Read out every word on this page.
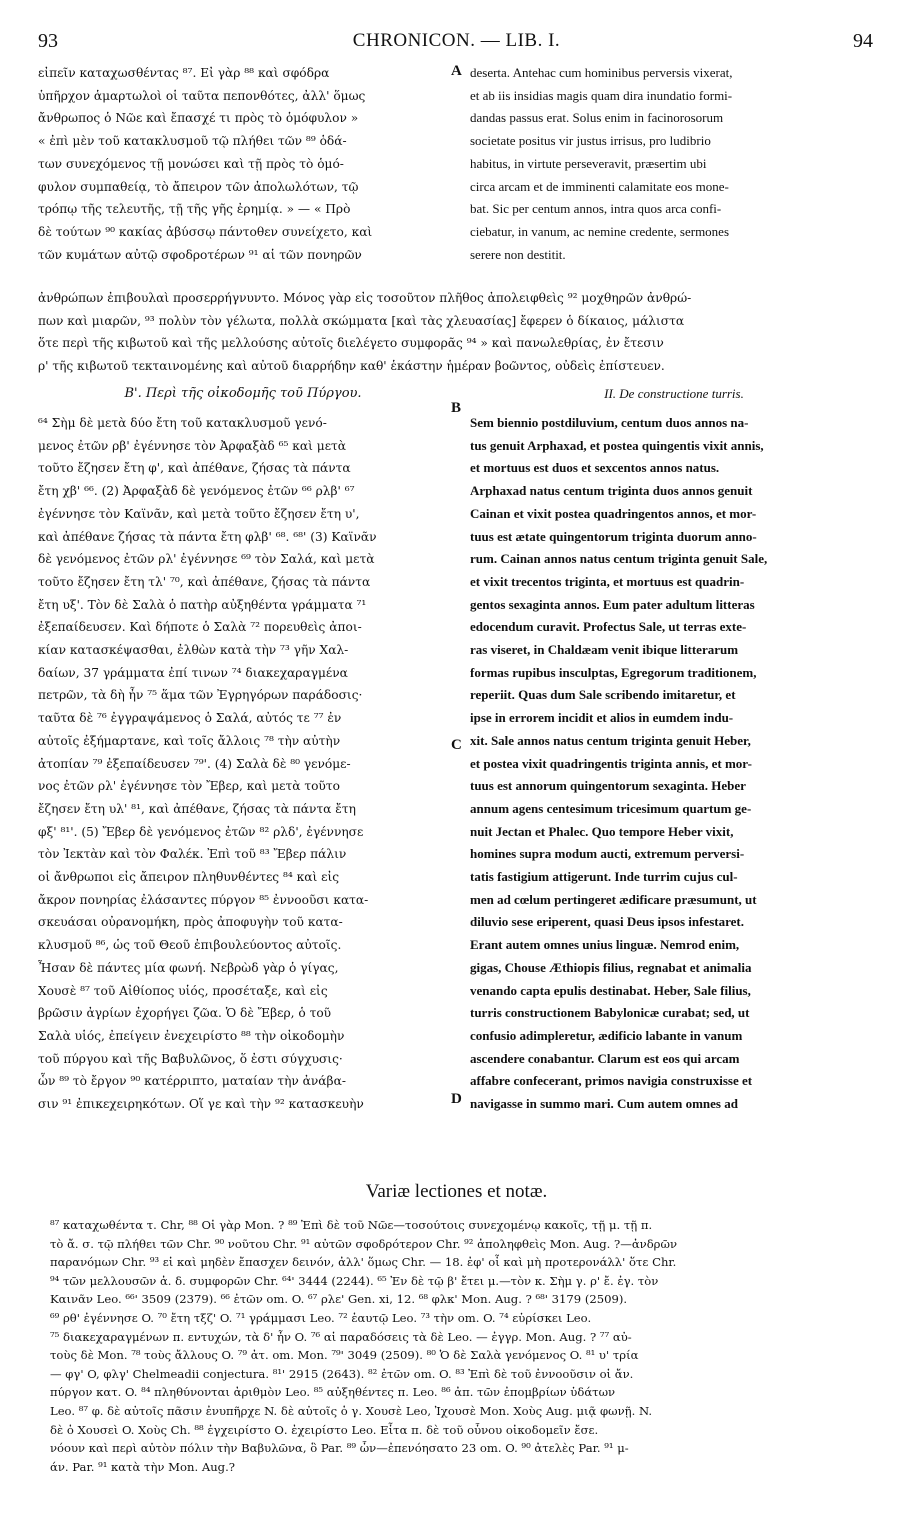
93	CHRONICON. — LIB. I.	94
A
B
C
D
εἰπεῖν καταχωσθέντας ⁸⁷. Εἰ γὰρ ⁸⁸ καὶ σφόδρα
ὑπῆρχον ἁμαρτωλοὶ οἱ ταῦτα πεπονθότες, ἀλλ' ὅμως
ἄνθρωπος ὁ Νῶε καὶ ἔπασχέ τι πρὸς τὸ ὁμόφυλον »
« ἐπὶ μὲν τοῦ κατακλυσμοῦ τῷ πλήθει τῶν ⁸⁹ ὁδά-
των συνεχόμενος τῇ μονώσει καὶ τῇ πρὸς τὸ ὁμό-
φυλον συμπαθείᾳ, τὸ ἄπειρον τῶν ἀπολωλότων, τῷ
τρόπῳ τῆς τελευτῆς, τῇ τῆς γῆς ἐρημίᾳ. » — « Πρὸ
δὲ τούτων ⁹⁰ κακίας ἀβύσσῳ πάντοθεν συνείχετο, καὶ
τῶν κυμάτων αὐτῷ σφοδροτέρων ⁹¹ αἱ τῶν πονηρῶν
deserta. Antehac cum hominibus perversis vixerat,
et ab iis insidias magis quam dira inundatio formi-
dandas passus erat. Solus enim in facinorosorum
societate positus vir justus irrisus, pro ludibrio
habitus, in virtute perseveravit, præsertim ubi
circa arcam et de imminenti calamitate eos mone-
bat. Sic per centum annos, intra quos arca confi-
ciebatur, in vanum, ac nemine credente, sermones
serere non destitit.
ἀνθρώπων ἐπιβουλαὶ προσερρήγνυντο. Μόνος γὰρ εἰς τοσοῦτον πλῆθος ἀπολειφθεὶς ⁹² μοχθηρῶν ἀνθρώ-
πων καὶ μιαρῶν, ⁹³ πολὺν τὸν γέλωτα, πολλὰ σκώμματα [καὶ τὰς χλευασίας] ἔφερεν ὁ δίκαιος, μάλιστα
ὅτε περὶ τῆς κιβωτοῦ καὶ τῆς μελλούσης αὐτοῖς διελέγετο συμφορᾶς ⁹⁴ » καὶ πανωλεθρίας, ἐν ἔτεσιν
ρ' τῆς κιβωτοῦ τεκταινομένης καὶ αὐτοῦ διαρρήδην καθ' ἑκάστην ἡμέραν βοῶντος, οὐδεὶς ἐπίστευεν.
Β'. Περὶ τῆς οἰκοδομῆς τοῦ Πύργου.	II. De constructione turris.
⁶⁴ Σὴμ δὲ μετὰ δύο ἔτη τοῦ κατακλυσμοῦ γενό-
μενος ἐτῶν ρβ' ἐγέννησε τὸν Ἀρφαξὰδ ⁶⁵ καὶ μετὰ
τοῦτο ἔζησεν ἔτη φ', καὶ ἀπέθανε, ζήσας τὰ πάντα
ἔτη χβ' ⁶⁶. (2) Ἀρφαξὰδ δὲ γενόμενος ἐτῶν ⁶⁶ ρλβ' ⁶⁷
ἐγέννησε τὸν Καϊνᾶν, καὶ μετὰ τοῦτο ἔζησεν ἔτη υ',
καὶ ἀπέθανε ζήσας τὰ πάντα ἔτη φλβ' ⁶⁸. ⁶⁸' (3) Καϊνᾶν
δὲ γενόμενος ἐτῶν ρλ' ἐγέννησε ⁶⁹ τὸν Σαλά, καὶ μετὰ
τοῦτο ἔζησεν ἔτη τλ' ⁷⁰, καὶ ἀπέθανε, ζήσας τὰ πάντα
ἔτη υξ'. Τὸν δὲ Σαλὰ ὁ πατὴρ αὐξηθέντα γράμματα ⁷¹
ἐξεπαίδευσεν. Καὶ δήποτε ὁ Σαλὰ ⁷² πορευθεὶς ἀποι-
κίαν κατασκέψασθαι, ἐλθὼν κατὰ τὴν ⁷³ γῆν Χαλ-
δαίων, 37 γράμματα ἐπί τινων ⁷⁴ διακεχαραγμένα
πετρῶν, τὰ δὴ ἦν ⁷⁵ ἅμα τῶν Ἐγρηγόρων παράδοσις·
ταῦτα δὲ ⁷⁶ ἐγγραψάμενος ὁ Σαλά, αὐτός τε ⁷⁷ ἐν
αὐτοῖς ἐξήμαρτανε, καὶ τοῖς ἄλλοις ⁷⁸ τὴν αὐτὴν
ἀτοπίαν ⁷⁹ ἐξεπαίδευσεν ⁷⁹'. (4) Σαλὰ δὲ ⁸⁰ γενόμε-
νος ἐτῶν ρλ' ἐγέννησε τὸν Ἔβερ, καὶ μετὰ τοῦτο
ἔζησεν ἔτη υλ' ⁸¹, καὶ ἀπέθανε, ζήσας τὰ πάντα ἔτη
φξ' ⁸¹'. (5) Ἔβερ δὲ γενόμενος ἐτῶν ⁸² ρλδ', ἐγέννησε
τὸν Ἰεκτὰν καὶ τὸν Φαλέκ. Ἐπὶ τοῦ ⁸³ Ἔβερ πάλιν
οἱ ἄνθρωποι εἰς ἄπειρον πληθυνθέντες ⁸⁴ καὶ εἰς
ἄκρον πονηρίας ἐλάσαντες πύργον ⁸⁵ ἐννοοῦσι κατα-
σκευάσαι οὐρανομήκη, πρὸς ἀποφυγὴν τοῦ κατα-
κλυσμοῦ ⁸⁶, ὡς τοῦ Θεοῦ ἐπιβουλεύοντος αὐτοῖς.
Ἦσαν δὲ πάντες μία φωνή. Νεβρὼδ γὰρ ὁ γίγας,
Χουσὲ ⁸⁷ τοῦ Αἰθίοπος υἱός, προσέταξε, καὶ εἰς
βρῶσιν ἀγρίων ἐχορήγει ζῶα. Ὁ δὲ Ἔβερ, ὁ τοῦ
Σαλὰ υἱός, ἐπείγειν ἐνεχειρίστο ⁸⁸ τὴν οἰκοδομὴν
τοῦ πύργου καὶ τῆς Βαβυλῶνος, ὅ ἐστι σύγχυσις·
ὧν ⁸⁹ τὸ ἔργον ⁹⁰ κατέρριπτο, ματαίαν τὴν ἀνάβα-
σιν ⁹¹ ἐπικεχειρηκότων. Οἵ γε καὶ τὴν ⁹² κατασκευὴν
Sem biennio postdiluvium, centum duos annos na-
tus genuit Arphaxad, et postea quingentis vixit annis,
et mortuus est duos et sexcentos annos natus.
Arphaxad natus centum triginta duos annos genuit
Cainan et vixit postea quadringentos annos, et mor-
tuus est ætate quingentorum triginta duorum anno-
rum. Cainan annos natus centum triginta genuit Sale,
et vixit trecentos triginta, et mortuus est quadrin-
gentos sexaginta annos. Eum pater adultum litteras
edocendum curavit. Profectus Sale, ut terras exte-
ras viseret, in Chaldæam venit ibique litterarum
formas rupibus insculptas, Egregorum traditionem,
reperiit. Quas dum Sale scribendo imitaretur, et
ipse in errorem incidit et alios in eumdem indu-
xit. Sale annos natus centum triginta genuit Heber,
et postea vixit quadringentis triginta annis, et mor-
tuus est annorum quingentorum sexaginta. Heber
annum agens centesimum tricesimum quartum ge-
nuit Jectan et Phalec. Quo tempore Heber vixit,
homines supra modum aucti, extremum perversi-
tatis fastigium attigerunt. Inde turrim cujus cul-
men ad cœlum pertingeret ædificare præsumunt, ut
diluvio sese eriperent, quasi Deus ipsos infestaret.
Erant autem omnes unius linguæ. Nemrod enim,
gigas, Chouse Æthiopis filius, regnabat et animalia
venando capta epulis destinabat. Heber, Sale filius,
turris constructionem Babylonicæ curabat; sed, ut
confusio adimpleretur, ædificio labante in vanum
ascendere conabantur. Clarum est eos qui arcam
affabre confecerant, primos navigia construxisse et
navigasse in summo mari. Cum autem omnes ad
Variæ lectiones et notæ.
⁸⁷ καταχωθέντα τ. Chr, ⁸⁸ Οἱ γὰρ Mon. ? ⁸⁹ Ἐπὶ δὲ τοῦ Νῶε—τοσούτοις συνεχομένῳ κακοῖς, τῇ μ. τῇ π.
τὸ ἄ. σ. τῷ πλήθει τῶν Chr. ⁹⁰ νοῦτου Chr. ⁹¹ αὐτῶν σφοδρότερον Chr. ⁹² ἀποληφθεὶς Mon. Aug. ?—ἀνδρῶν
παρανόμων Chr. ⁹³ εἰ καὶ μηδὲν ἔπασχεν δεινόν, ἀλλ' ὅμως Chr. — 18. ἐφ' οἷ καὶ μὴ προτερονάλλ' ὅτε Chr.
⁹⁴ τῶν μελλουσῶν ἀ. δ. συμφορῶν Chr. ⁶⁴' 3444 (2244). ⁶⁵ Ἐν δὲ τῷ β' ἔτει μ.—τὸν κ. Σὴμ γ. ρ' ἔ. ἐγ. τὸν
Καινᾶν Leo. ⁶⁶' 3509 (2379). ⁶⁶ ἐτῶν om. O. ⁶⁷ ρλε' Gen. xi, 12. ⁶⁸ φλκ' Mon. Aug. ? ⁶⁸' 3179 (2509).
⁶⁹ ρθ' ἐγέννησε O. ⁷⁰ ἔτη τξζ' O. ⁷¹ γράμμασι Leo. ⁷² ἑαυτῷ Leo. ⁷³ τὴν om. O. ⁷⁴ εὑρίσκει Leo.
⁷⁵ διακεχαραγμένων π. εντυχών, τὰ δ' ἦν O. ⁷⁶ αἱ παραδόσεις τὰ δὲ Leo. — ἐγγρ. Mon. Aug. ? ⁷⁷ αὐ-
τοὺς δὲ Mon. ⁷⁸ τοὺς ἄλλους O. ⁷⁹ ἀτ. om. Mon. ⁷⁹' 3049 (2509). ⁸⁰ Ὁ δὲ Σαλὰ γενόμενος O. ⁸¹ υ' τρία
— φγ' O, φλγ' Chelmeadii conjectura. ⁸¹' 2915 (2643). ⁸² ἐτῶν om. O. ⁸³ Ἐπὶ δὲ τοῦ ἐννοοῦσιν οἱ ἄν.
πύργον κατ. O. ⁸⁴ πληθύνονται ἀριθμὸν Leo. ⁸⁵ αὐξηθέντες π. Leo. ⁸⁶ ἀπ. τῶν ἐπομβρίων ὑδάτων
Leo. ⁸⁷ φ. δὲ αὐτοῖς πᾶσιν ἐνυπῆρχε N. δὲ αὐτοῖς ὁ γ. Χουσὲ Leo, Ἰχουσὲ Mon. Χοὺς Aug. μιᾷ φωνῇ. N.
δὲ ὁ Χουσεὶ O. Χοὺς Ch. ⁸⁸ ἐγχειρίστο Ο. ἐχειρίστο Leo. Εἶτα π. δὲ τοῦ οὖνου οἰκοδομεῖν ἔσε.
νόουν καὶ περὶ αὐτὸν πόλιν τὴν Βαβυλῶνα, ὃ Par. ⁸⁹ ὧν—ἐπενόησατο 23 om. O. ⁹⁰ ἀτελὲς Par. ⁹¹ μ-
άν. Par. ⁹¹ κατὰ τὴν Mon. Aug.?
